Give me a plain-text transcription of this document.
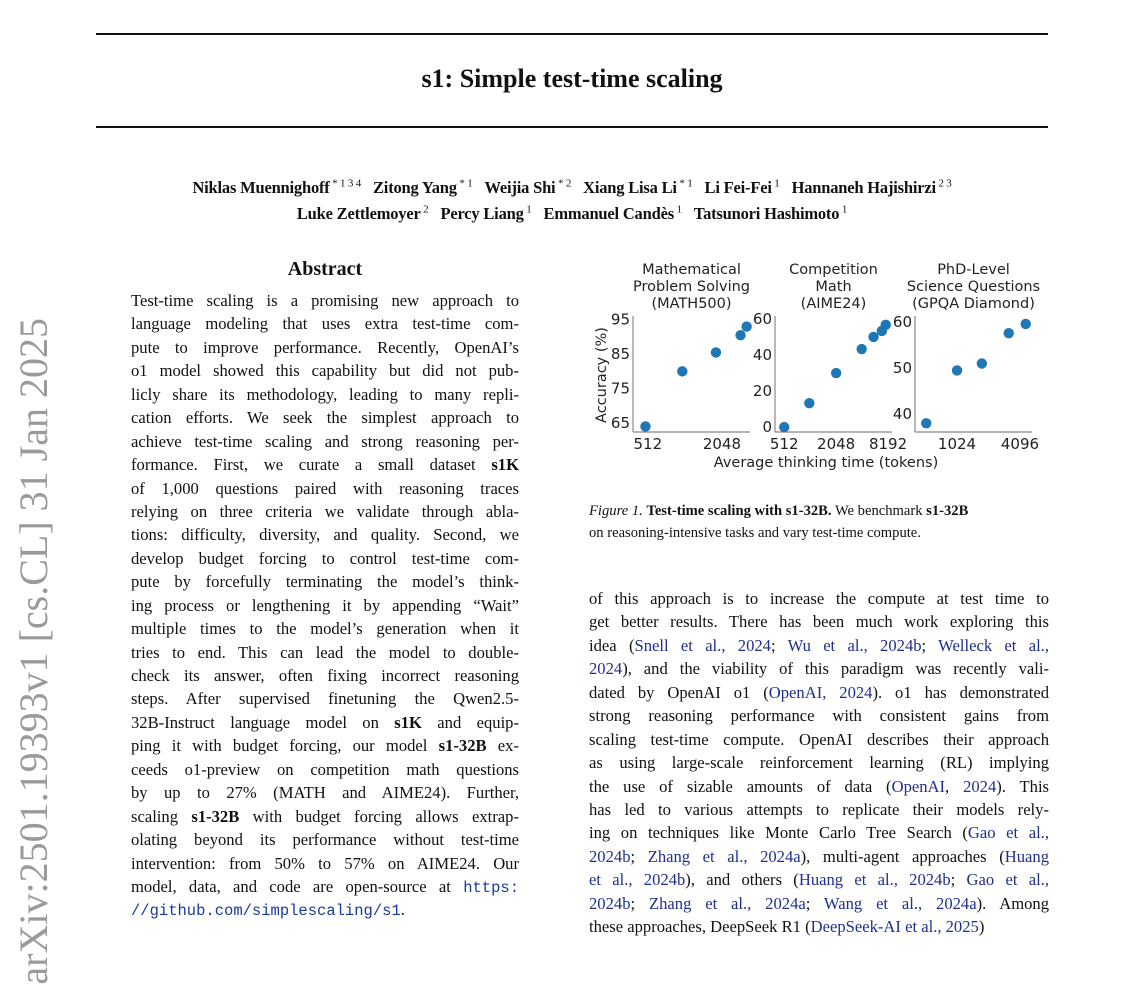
s1: Simple test-time scaling
arXiv:2501.19393v1 [cs.CL] 31 Jan 2025
Niklas Muennighoff $^{* 1 3 4}$ Zitong Yang $^{* 1}$ Weijia Shi $^{* 2}$ Xiang Lisa Li $^{* 1}$ Li Fei-Fei $^1$ Hannaneh Hajishirzi $^{2 3}$
Luke Zettlemoyer $^2$ Percy Liang $^1$ Emmanuel Candès $^1$ Tatsunori Hashimoto $^1$
Abstract
Test-time scaling is a promising new approach to
language modeling that uses extra test-time com-
pute to improve performance. Recently, OpenAI’s
o1 model showed this capability but did not pub-
licly share its methodology, leading to many repli-
cation efforts. We seek the simplest approach to
achieve test-time scaling and strong reasoning per-
formance. First, we curate a small dataset s1K
of 1,000 questions paired with reasoning traces
relying on three criteria we validate through abla-
tions: difficulty, diversity, and quality. Second, we
develop budget forcing to control test-time com-
pute by forcefully terminating the model’s think-
ing process or lengthening it by appending “Wait”
multiple times to the model’s generation when it
tries to end. This can lead the model to double-
check its answer, often fixing incorrect reasoning
steps. After supervised finetuning the Qwen2.5-
32B-Instruct language model on s1K and equip-
ping it with budget forcing, our model s1-32B ex-
ceeds o1-preview on competition math questions
by up to 27% (MATH and AIME24). Further,
scaling s1-32B with budget forcing allows extrap-
olating beyond its performance without test-time
intervention: from 50% to 57% on AIME24. Our
model, data, and code are open-source at https:
//github.com/simplescaling/s1.
Mathematical
Problem Solving
(MATH500)
65
75
85
95
512	2048
Competition
Math
(AIME24)
0
20
40
60
512 2048 8192
PhD-Level
Science Questions
(GPQA Diamond)
40
50
60
1024 4096
Accuracy (%)
Average thinking time (tokens)
Figure 1. Test-time scaling with s1-32B. We benchmark s1-32B
on reasoning-intensive tasks and vary test-time compute.
of this approach is to increase the compute at test time to
get better results. There has been much work exploring this
idea (Snell et al., 2024; Wu et al., 2024b; Welleck et al.,
2024), and the viability of this paradigm was recently vali-
dated by OpenAI o1 (OpenAI, 2024). o1 has demonstrated
strong reasoning performance with consistent gains from
scaling test-time compute. OpenAI describes their approach
as using large-scale reinforcement learning (RL) implying
the use of sizable amounts of data (OpenAI, 2024). This
has led to various attempts to replicate their models rely-
ing on techniques like Monte Carlo Tree Search (Gao et al.,
2024b; Zhang et al., 2024a), multi-agent approaches (Huang
et al., 2024b), and others (Huang et al., 2024b; Gao et al.,
2024b; Zhang et al., 2024a; Wang et al., 2024a). Among
these approaches, DeepSeek R1 (DeepSeek-AI et al., 2025)
